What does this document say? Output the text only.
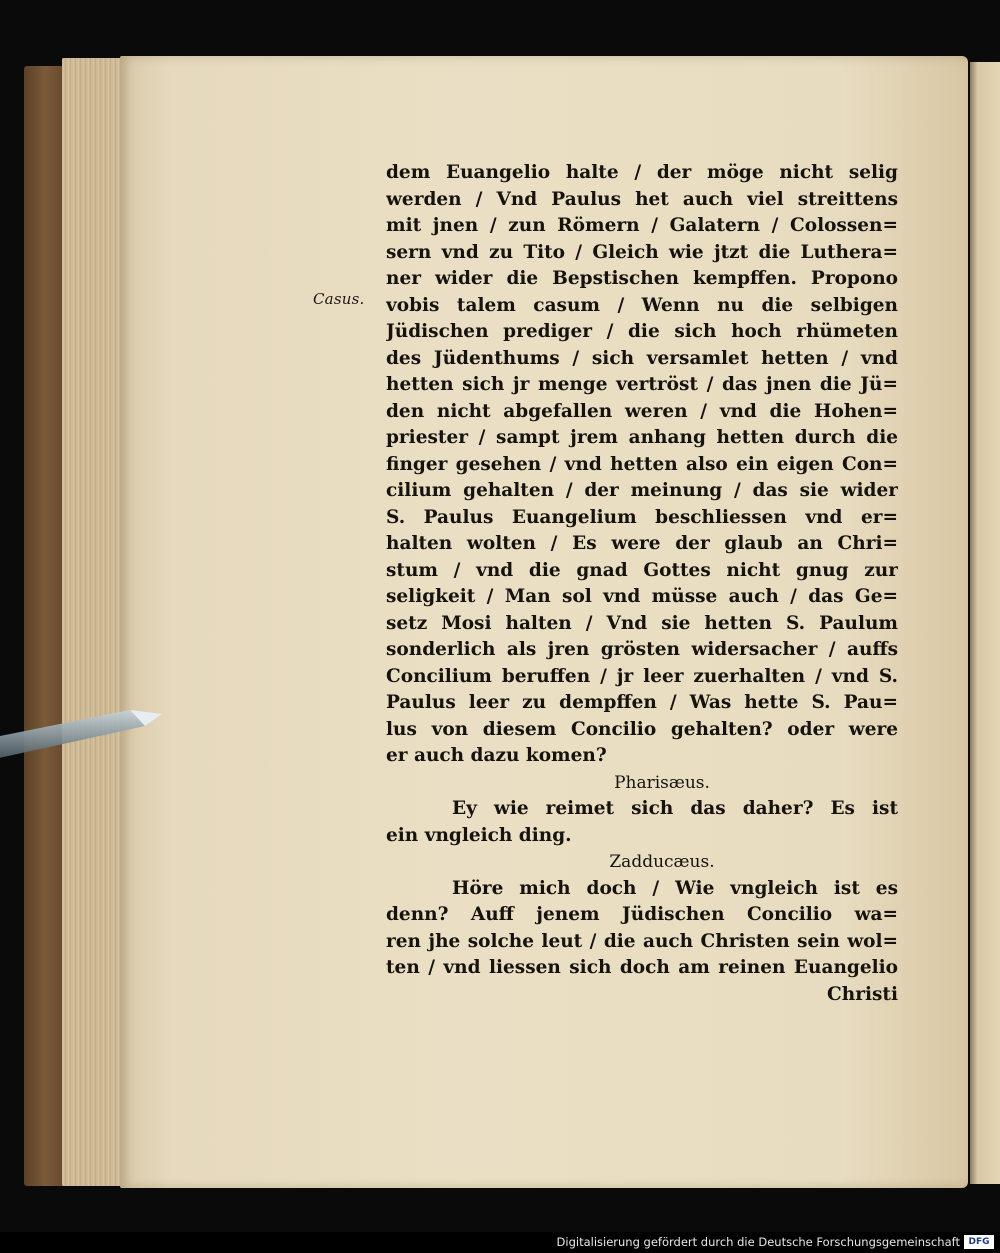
Casus.
dem Euangelio halte / der möge nicht selig
werden / Vnd Paulus het auch viel streittens
mit jnen / zun Römern / Galatern / Colossen=
sern vnd zu Tito / Gleich wie jtzt die Luthera=
ner wider die Bepstischen kempffen. Propono
vobis talem casum / Wenn nu die selbigen
Jüdischen prediger / die sich hoch rhümeten
des Jüdenthums / sich versamlet hetten / vnd
hetten sich jr menge vertröst / das jnen die Jü=
den nicht abgefallen weren / vnd die Hohen=
priester / sampt jrem anhang hetten durch die
finger gesehen / vnd hetten also ein eigen Con=
cilium gehalten / der meinung / das sie wider
S. Paulus Euangelium beschliessen vnd er=
halten wolten / Es were der glaub an Chri=
stum / vnd die gnad Gottes nicht gnug zur
seligkeit / Man sol vnd müsse auch / das Ge=
setz Mosi halten / Vnd sie hetten S. Paulum
sonderlich als jren grösten widersacher / auffs
Concilium beruffen / jr leer zuerhalten / vnd S.
Paulus leer zu dempffen / Was hette S. Pau=
lus von diesem Concilio gehalten? oder were
er auch dazu komen?
Pharisæus.
Ey wie reimet sich das daher? Es ist
ein vngleich ding.
Zadducæus.
Höre mich doch / Wie vngleich ist es
denn? Auff jenem Jüdischen Concilio wa=
ren jhe solche leut / die auch Christen sein wol=
ten / vnd liessen sich doch am reinen Euangelio
Christi
Digitalisierung gefördert durch die Deutsche Forschungsgemeinschaft DFG
